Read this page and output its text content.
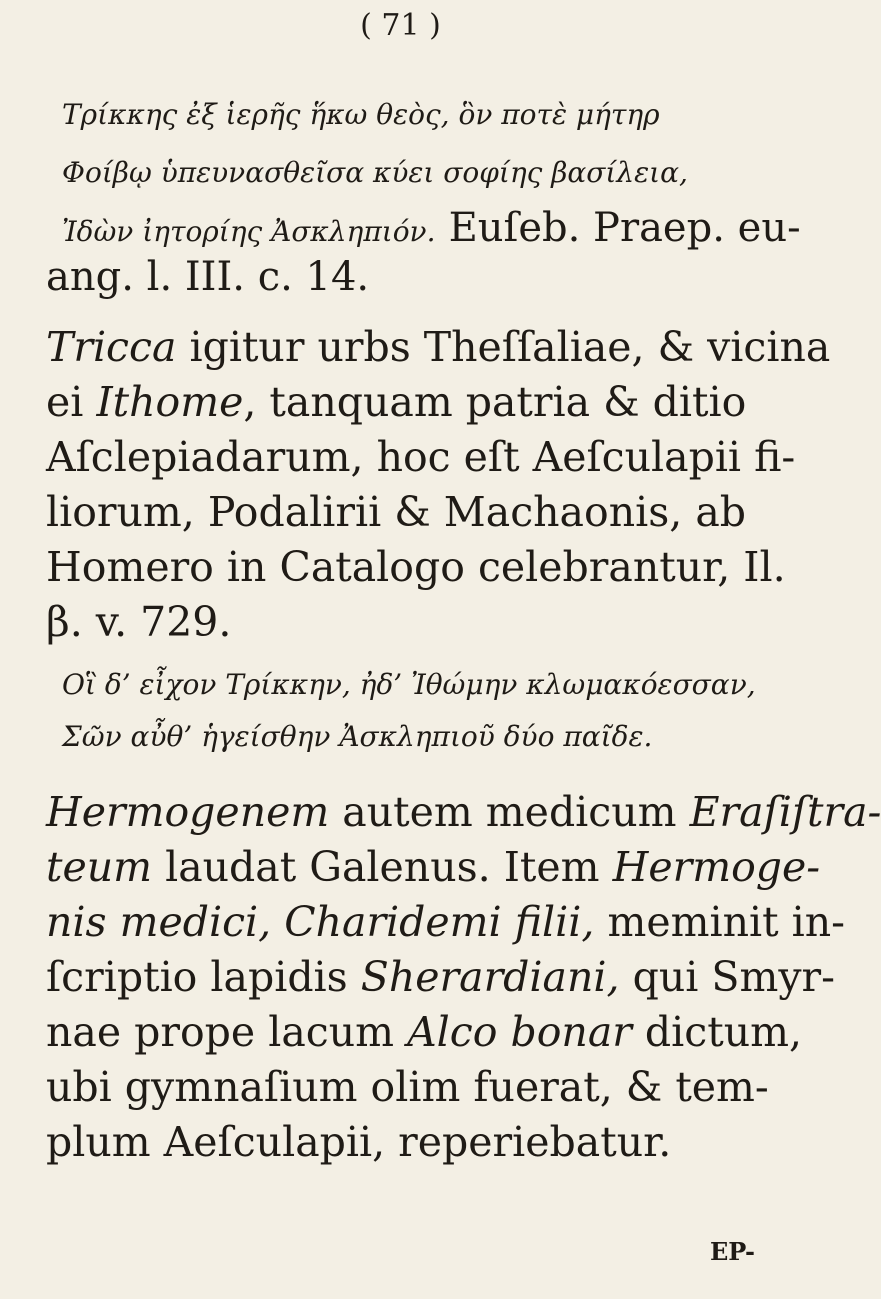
( 71 )
Τρίκκης ἐξ ἱερῆς ἥκω θεὸς, ὃν ποτὲ μήτηρ
Φοίβῳ ὑπευνασθεῖσα κύει σοφίης βασίλεια,
Ἰδὼν ἰητορίης Ἀσκληπιόν. Euſeb. Praep. eu-
ang. l. III. c. 14.
Tricca igitur urbs Theſſaliae, & vicina
ei Ithome, tanquam patria & ditio
Aſclepiadarum, hoc eſt Aeſculapii fi-
liorum, Podalirii & Machaonis, ab
Homero in Catalogo celebrantur, Il.
β. v. 729.
Οἳ δ’ εἶχον Τρίκκην, ἠδ’ Ἰθώμην κλωμακόεσσαν,
Σῶν αὖθ’ ἡγείσθην Ἀσκληπιοῦ δύο παῖδε.
Hermogenem autem medicum Eraſiſtra-
teum laudat Galenus. Item Hermoge-
nis medici, Charidemi filii, meminit in-
ſcriptio lapidis Sherardiani, qui Smyr-
nae prope lacum Alco bonar dictum,
ubi gymnaſium olim fuerat, & tem-
plum Aeſculapii, reperiebatur.
EP-
